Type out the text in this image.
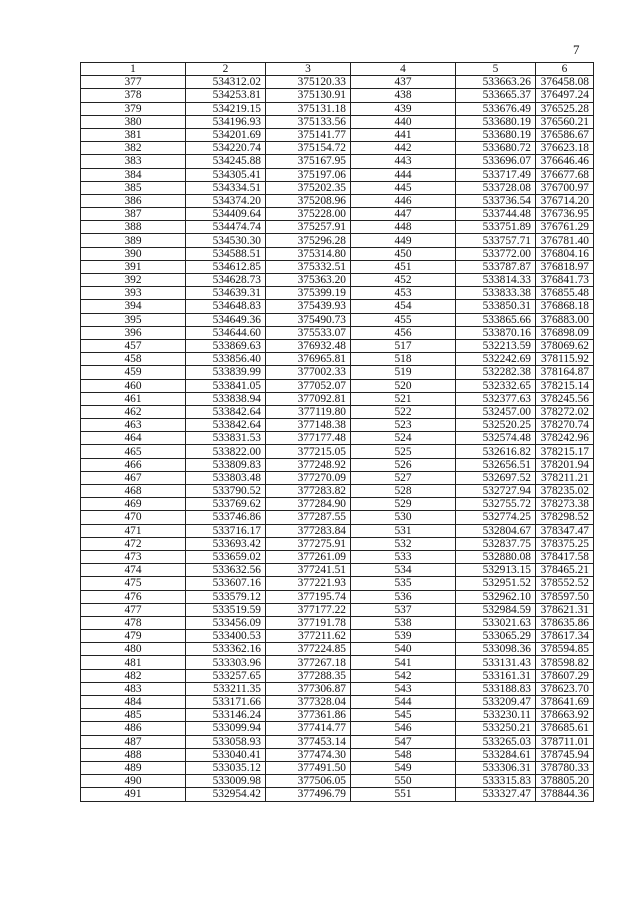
7
1	2	3	4	5	6
377	534312.02	375120.33	437	533663.26	376458.08
378	534253.81	375130.91	438	533665.37	376497.24
379	534219.15	375131.18	439	533676.49	376525.28
380	534196.93	375133.56	440	533680.19	376560.21
381	534201.69	375141.77	441	533680.19	376586.67
382	534220.74	375154.72	442	533680.72	376623.18
383	534245.88	375167.95	443	533696.07	376646.46
384	534305.41	375197.06	444	533717.49	376677.68
385	534334.51	375202.35	445	533728.08	376700.97
386	534374.20	375208.96	446	533736.54	376714.20
387	534409.64	375228.00	447	533744.48	376736.95
388	534474.74	375257.91	448	533751.89	376761.29
389	534530.30	375296.28	449	533757.71	376781.40
390	534588.51	375314.80	450	533772.00	376804.16
391	534612.85	375332.51	451	533787.87	376818.97
392	534628.73	375363.20	452	533814.33	376841.73
393	534639.31	375399.19	453	533833.38	376855.48
394	534648.83	375439.93	454	533850.31	376868.18
395	534649.36	375490.73	455	533865.66	376883.00
396	534644.60	375533.07	456	533870.16	376898.09
457	533869.63	376932.48	517	532213.59	378069.62
458	533856.40	376965.81	518	532242.69	378115.92
459	533839.99	377002.33	519	532282.38	378164.87
460	533841.05	377052.07	520	532332.65	378215.14
461	533838.94	377092.81	521	532377.63	378245.56
462	533842.64	377119.80	522	532457.00	378272.02
463	533842.64	377148.38	523	532520.25	378270.74
464	533831.53	377177.48	524	532574.48	378242.96
465	533822.00	377215.05	525	532616.82	378215.17
466	533809.83	377248.92	526	532656.51	378201.94
467	533803.48	377270.09	527	532697.52	378211.21
468	533790.52	377283.82	528	532727.94	378235.02
469	533769.62	377284.90	529	532755.72	378273.38
470	533746.86	377287.55	530	532774.25	378298.52
471	533716.17	377283.84	531	532804.67	378347.47
472	533693.42	377275.91	532	532837.75	378375.25
473	533659.02	377261.09	533	532880.08	378417.58
474	533632.56	377241.51	534	532913.15	378465.21
475	533607.16	377221.93	535	532951.52	378552.52
476	533579.12	377195.74	536	532962.10	378597.50
477	533519.59	377177.22	537	532984.59	378621.31
478	533456.09	377191.78	538	533021.63	378635.86
479	533400.53	377211.62	539	533065.29	378617.34
480	533362.16	377224.85	540	533098.36	378594.85
481	533303.96	377267.18	541	533131.43	378598.82
482	533257.65	377288.35	542	533161.31	378607.29
483	533211.35	377306.87	543	533188.83	378623.70
484	533171.66	377328.04	544	533209.47	378641.69
485	533146.24	377361.86	545	533230.11	378663.92
486	533099.94	377414.77	546	533250.21	378685.61
487	533058.93	377453.14	547	533265.03	378711.01
488	533040.41	377474.30	548	533284.61	378745.94
489	533035.12	377491.50	549	533306.31	378780.33
490	533009.98	377506.05	550	533315.83	378805.20
491	532954.42	377496.79	551	533327.47	378844.36
